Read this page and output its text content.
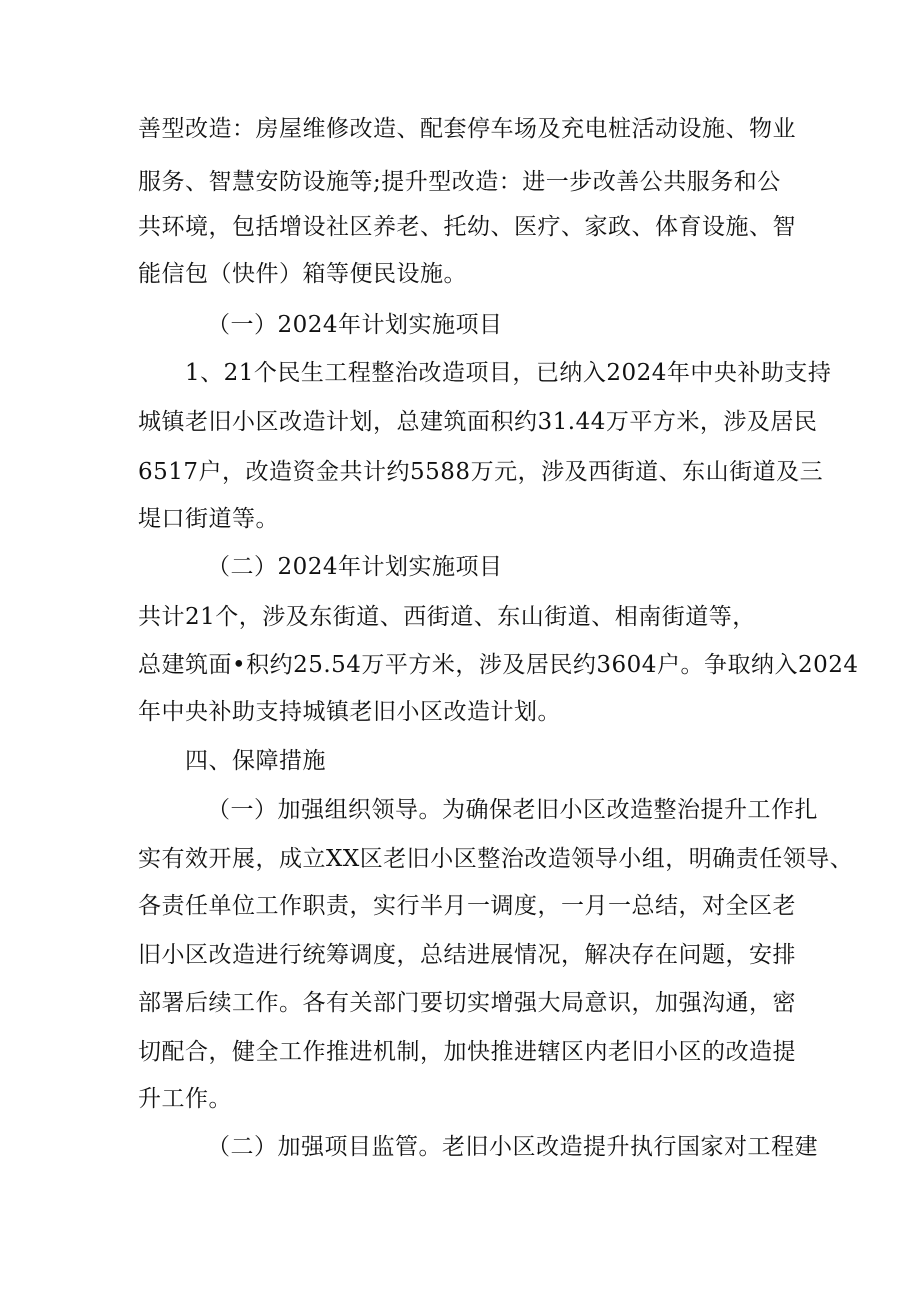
善型改造：房屋维修改造、配套停车场及充电桩活动设施、物业
服务、智慧安防设施等;提升型改造：进一步改善公共服务和公
共环境，包括增设社区养老、托幼、医疗、家政、体育设施、智
能信包（快件）箱等便民设施。
（一）2024年计划实施项目
1、21个民生工程整治改造项目，已纳入2024年中央补助支持
城镇老旧小区改造计划，总建筑面积约31.44万平方米，涉及居民
6517户，改造资金共计约5588万元，涉及西街道、东山街道及三
堤口街道等。
（二）2024年计划实施项目
共计21个，涉及东街道、西街道、东山街道、相南街道等，
总建筑面•积约25.54万平方米，涉及居民约3604户。争取纳入2024
年中央补助支持城镇老旧小区改造计划。
四、保障措施
（一）加强组织领导。为确保老旧小区改造整治提升工作扎
实有效开展，成立XX区老旧小区整治改造领导小组，明确责任领导、
各责任单位工作职责，实行半月一调度，一月一总结，对全区老
旧小区改造进行统筹调度，总结进展情况，解决存在问题，安排
部署后续工作。各有关部门要切实增强大局意识，加强沟通，密
切配合，健全工作推进机制，加快推进辖区内老旧小区的改造提
升工作。
（二）加强项目监管。老旧小区改造提升执行国家对工程建
